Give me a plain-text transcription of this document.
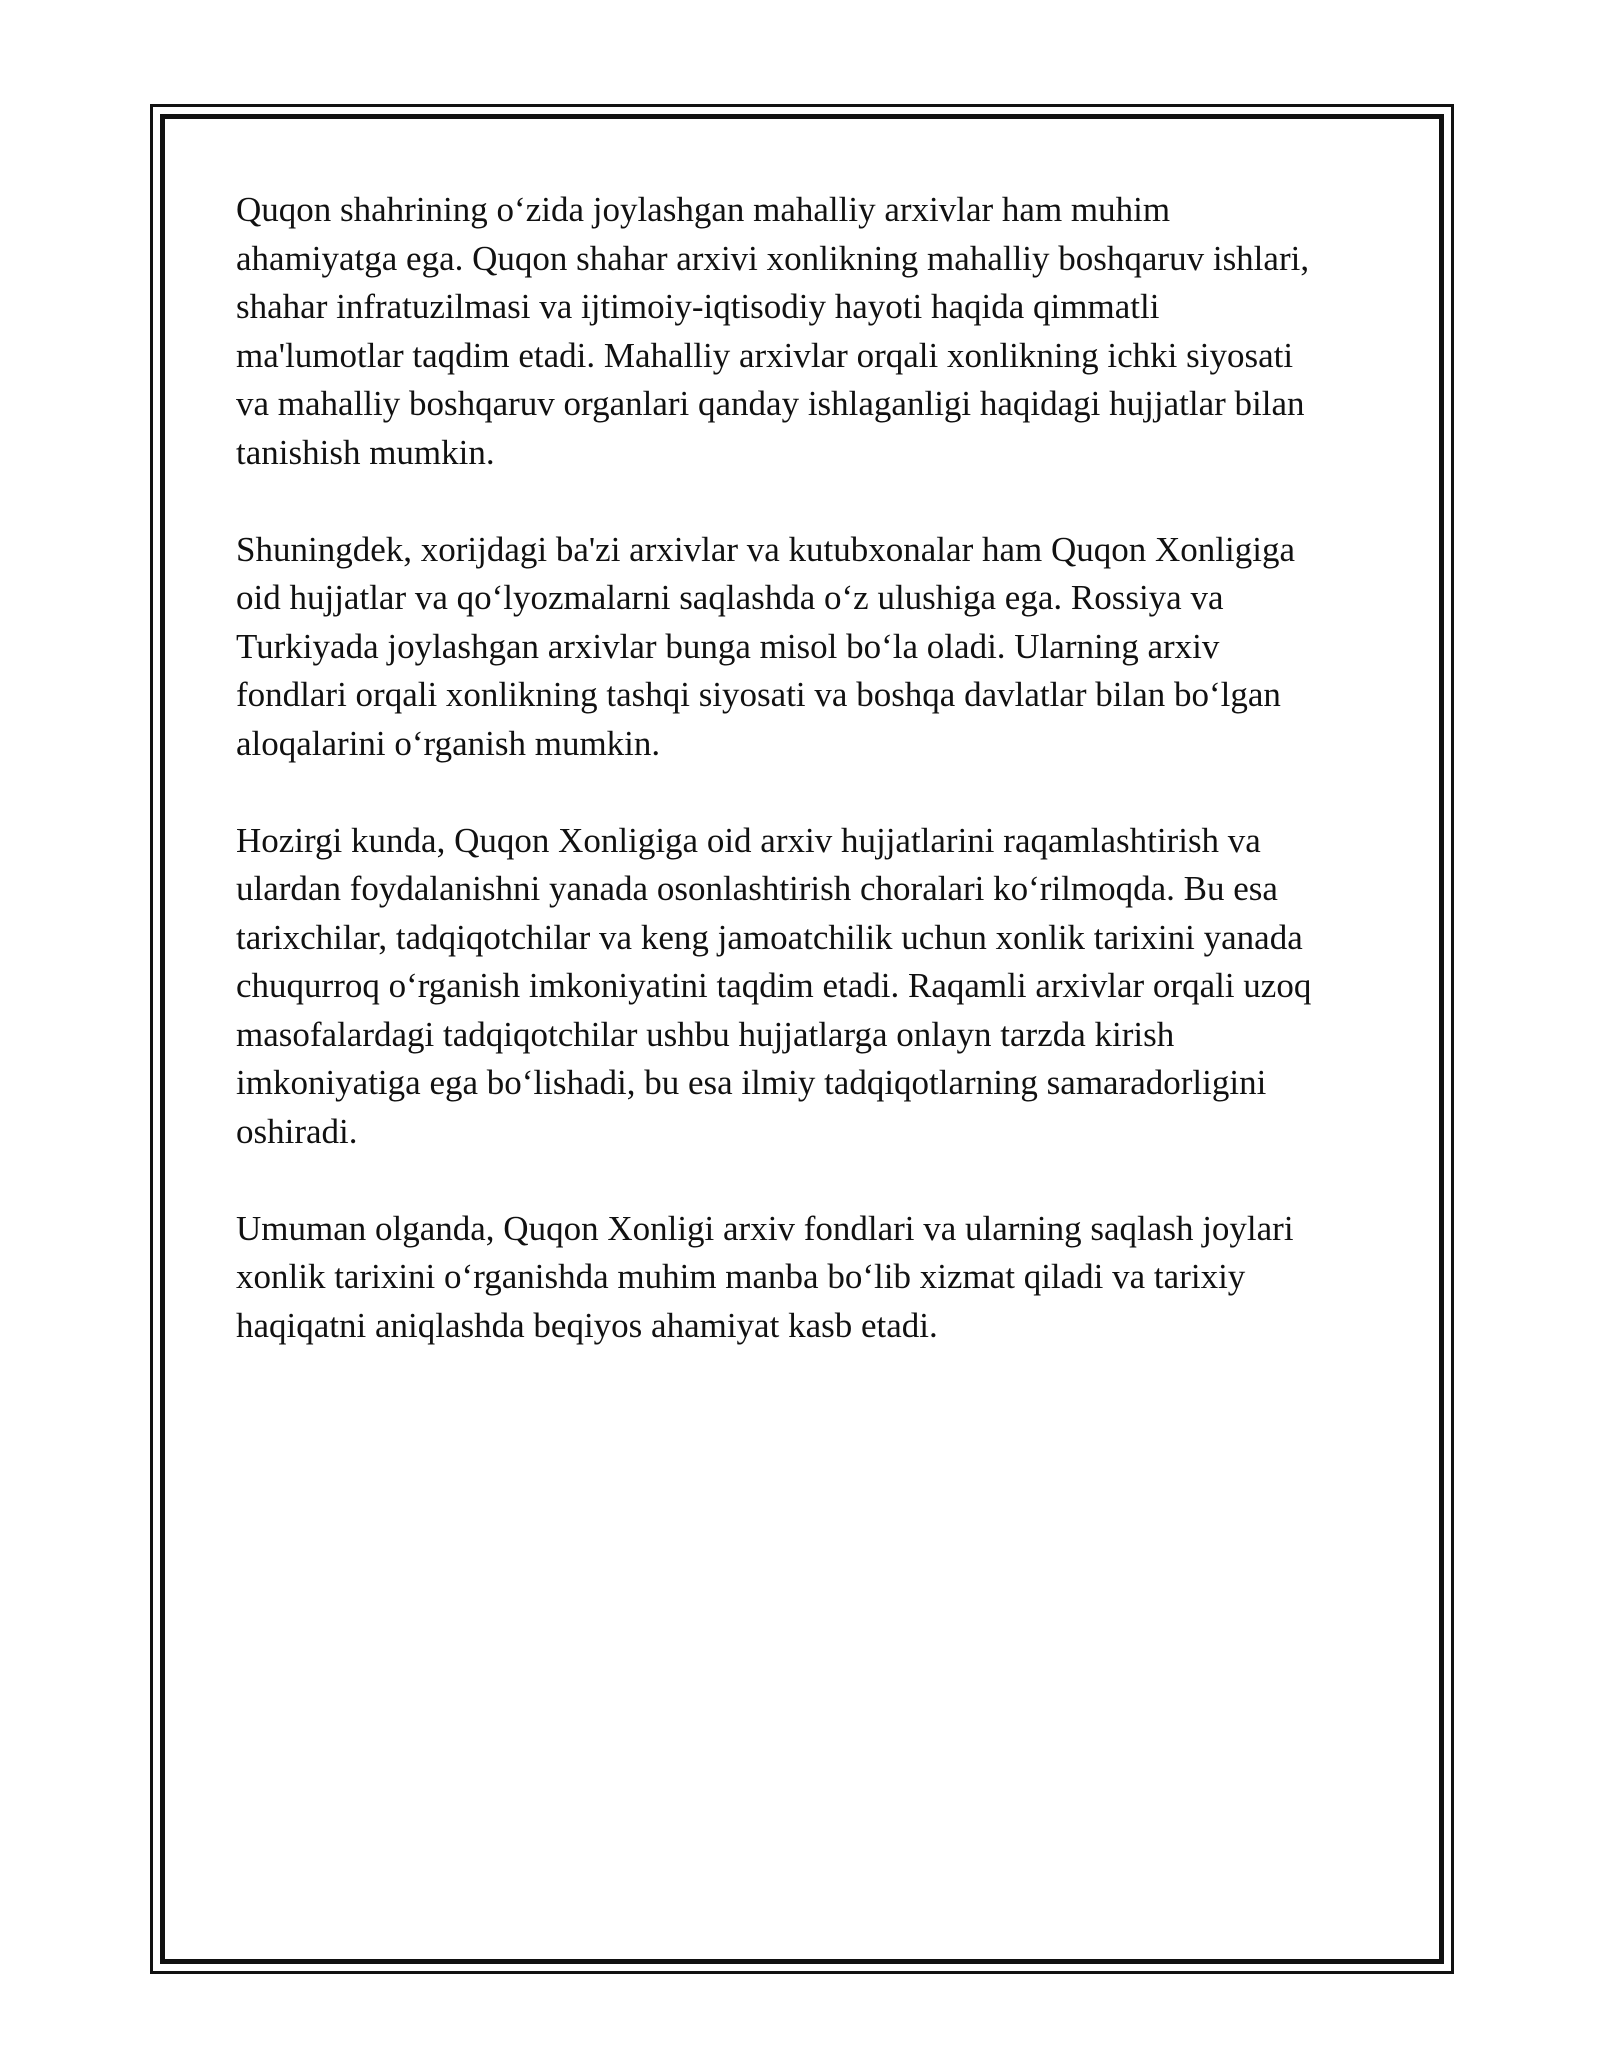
Quqon shahrining o‘zida joylashgan mahalliy arxivlar ham muhim
ahamiyatga ega. Quqon shahar arxivi xonlikning mahalliy boshqaruv ishlari,
shahar infratuzilmasi va ijtimoiy-iqtisodiy hayoti haqida qimmatli
ma'lumotlar taqdim etadi. Mahalliy arxivlar orqali xonlikning ichki siyosati
va mahalliy boshqaruv organlari qanday ishlaganligi haqidagi hujjatlar bilan
tanishish mumkin.

Shuningdek, xorijdagi ba'zi arxivlar va kutubxonalar ham Quqon Xonligiga
oid hujjatlar va qo‘lyozmalarni saqlashda o‘z ulushiga ega. Rossiya va
Turkiyada joylashgan arxivlar bunga misol bo‘la oladi. Ularning arxiv
fondlari orqali xonlikning tashqi siyosati va boshqa davlatlar bilan bo‘lgan
aloqalarini o‘rganish mumkin.

Hozirgi kunda, Quqon Xonligiga oid arxiv hujjatlarini raqamlashtirish va
ulardan foydalanishni yanada osonlashtirish choralari ko‘rilmoqda. Bu esa
tarixchilar, tadqiqotchilar va keng jamoatchilik uchun xonlik tarixini yanada
chuqurroq o‘rganish imkoniyatini taqdim etadi. Raqamli arxivlar orqali uzoq
masofalardagi tadqiqotchilar ushbu hujjatlarga onlayn tarzda kirish
imkoniyatiga ega bo‘lishadi, bu esa ilmiy tadqiqotlarning samaradorligini
oshiradi.

Umuman olganda, Quqon Xonligi arxiv fondlari va ularning saqlash joylari
xonlik tarixini o‘rganishda muhim manba bo‘lib xizmat qiladi va tarixiy
haqiqatni aniqlashda beqiyos ahamiyat kasb etadi.
